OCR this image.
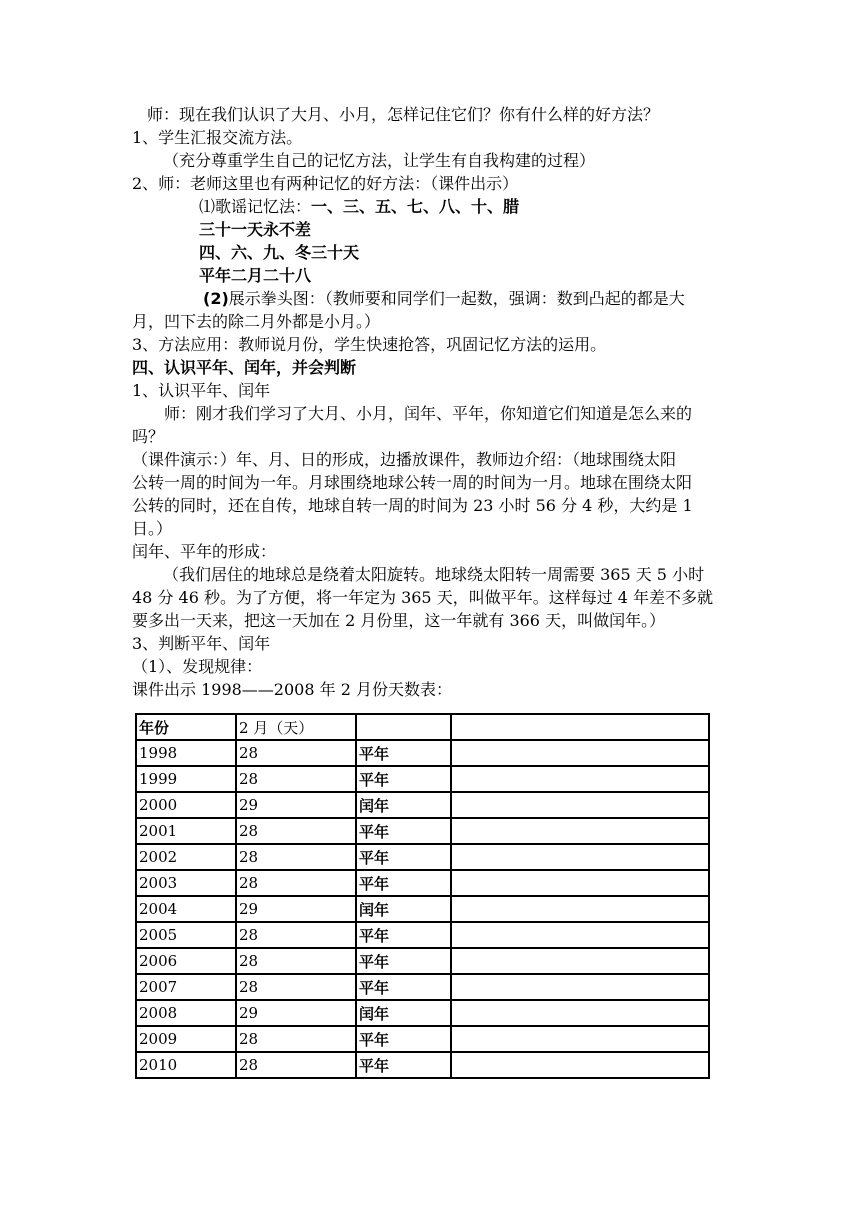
师：现在我们认识了大月、小月，怎样记住它们？你有什么样的好方法？
1、学生汇报交流方法。
（充分尊重学生自己的记忆方法，让学生有自我构建的过程）
2、师：老师这里也有两种记忆的好方法：（课件出示）
⑴歌谣记忆法：一、三、五、七、八、十、腊
三十一天永不差
四、六、九、冬三十天
平年二月二十八
(2)展示拳头图：（教师要和同学们一起数，强调：数到凸起的都是大
月，凹下去的除二月外都是小月。）
3、方法应用：教师说月份，学生快速抢答，巩固记忆方法的运用。
四、认识平年、闰年，并会判断
1、认识平年、闰年
师：刚才我们学习了大月、小月，闰年、平年，你知道它们知道是怎么来的
吗？
（课件演示：）年、月、日的形成，边播放课件，教师边介绍：（地球围绕太阳
公转一周的时间为一年。月球围绕地球公转一周的时间为一月。地球在围绕太阳
公转的同时，还在自传，地球自转一周的时间为 23 小时 56 分 4 秒，大约是 1
日。）
闰年、平年的形成：
（我们居住的地球总是绕着太阳旋转。地球绕太阳转一周需要 365 天 5 小时
48 分 46 秒。为了方便，将一年定为 365 天，叫做平年。这样每过 4 年差不多就
要多出一天来，把这一天加在 2 月份里，这一年就有 366 天，叫做闰年。）
3、判断平年、闰年
（1）、发现规律：
课件出示 1998——2008 年 2 月份天数表：
年份	2 月（天）		
1998	28	平年	
1999	28	平年	
2000	29	闰年	
2001	28	平年	
2002	28	平年	
2003	28	平年	
2004	29	闰年	
2005	28	平年	
2006	28	平年	
2007	28	平年	
2008	29	闰年	
2009	28	平年	
2010	28	平年	
